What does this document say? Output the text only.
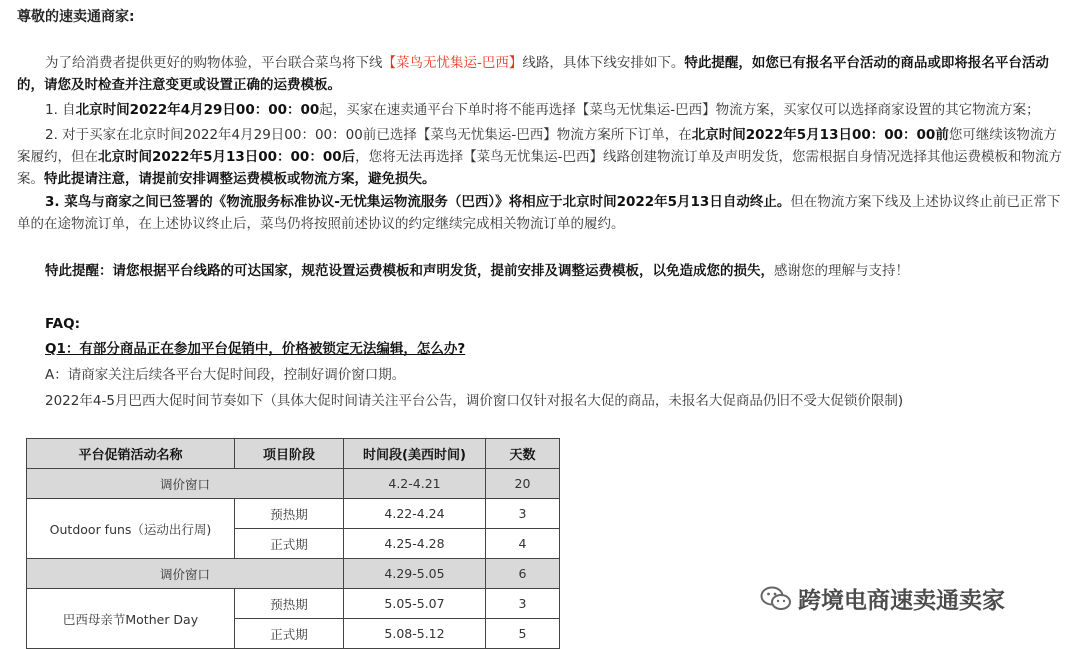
尊敬的速卖通商家:
为了给消费者提供更好的购物体验，平台联合菜鸟将下线【菜鸟无忧集运-巴西】线路，具体下线安排如下。特此提醒，如您已有报名平台活动的商品或即将报名平台活动的，请您及时检查并注意变更或设置正确的运费模板。
1. 自北京时间2022年4月29日00：00：00起，买家在速卖通平台下单时将不能再选择【菜鸟无忧集运-巴西】物流方案，买家仅可以选择商家设置的其它物流方案；
2. 对于买家在北京时间2022年4月29日00：00：00前已选择【菜鸟无忧集运-巴西】物流方案所下订单，在北京时间2022年5月13日00：00：00前您可继续该物流方案履约，但在北京时间2022年5月13日00：00：00后，您将无法再选择【菜鸟无忧集运-巴西】线路创建物流订单及声明发货，您需根据自身情况选择其他运费模板和物流方案。特此提请注意，请提前安排调整运费模板或物流方案，避免损失。
3. 菜鸟与商家之间已签署的《物流服务标准协议-无忧集运物流服务（巴西）》将相应于北京时间2022年5月13日自动终止。但在物流方案下线及上述协议终止前已正常下单的在途物流订单，在上述协议终止后，菜鸟仍将按照前述协议的约定继续完成相关物流订单的履约。
特此提醒：请您根据平台线路的可达国家，规范设置运费模板和声明发货，提前安排及调整运费模板，以免造成您的损失，感谢您的理解与支持！
FAQ:
Q1：有部分商品正在参加平台促销中，价格被锁定无法编辑，怎么办?
A：请商家关注后续各平台大促时间段，控制好调价窗口期。
2022年4-5月巴西大促时间节奏如下（具体大促时间请关注平台公告，调价窗口仅针对报名大促的商品，未报名大促商品仍旧不受大促锁价限制)
平台促销活动名称	项目阶段	时间段(美西时间)	天数
调价窗口		4.2-4.21	20
Outdoor funs（运动出行周)	预热期	4.22-4.24	3
	正式期	4.25-4.28	4
调价窗口		4.29-5.05	6
巴西母亲节Mother Day	预热期	5.05-5.07	3
	正式期	5.08-5.12	5
跨境电商速卖通卖家
